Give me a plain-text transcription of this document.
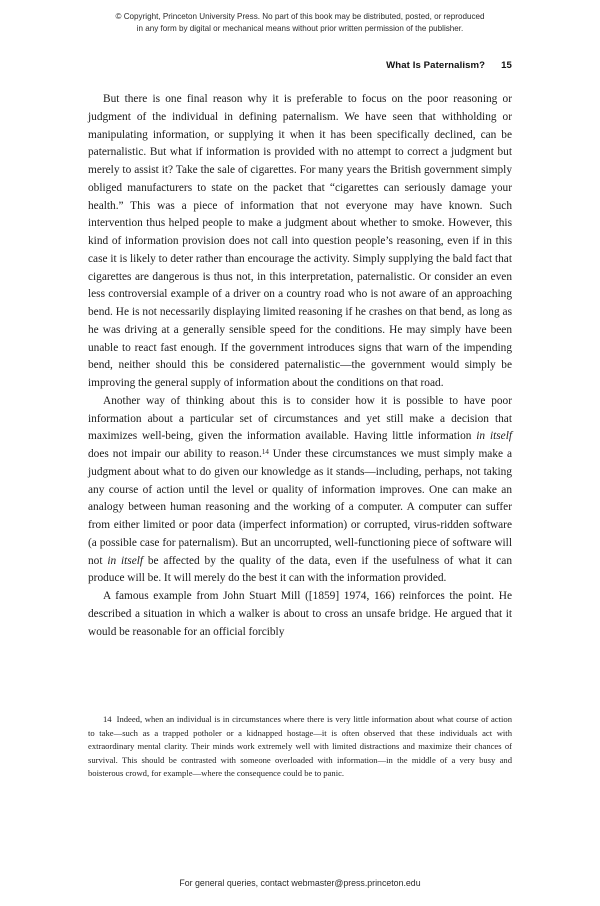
© Copyright, Princeton University Press. No part of this book may be distributed, posted, or reproduced in any form by digital or mechanical means without prior written permission of the publisher.
What Is Paternalism? 15

But there is one final reason why it is preferable to focus on the poor reasoning or judgment of the individual in defining paternalism. We have seen that withholding or manipulating information, or supplying it when it has been specifically declined, can be paternalistic. But what if information is provided with no attempt to correct a judgment but merely to assist it? Take the sale of cigarettes. For many years the British government simply obliged manufacturers to state on the packet that “cigarettes can seriously damage your health.” This was a piece of information that not everyone may have known. Such intervention thus helped people to make a judgment about whether to smoke. However, this kind of information provision does not call into question people’s reasoning, even if in this case it is likely to deter rather than encourage the activity. Simply supplying the bald fact that cigarettes are dangerous is thus not, in this interpretation, paternalistic. Or consider an even less controversial example of a driver on a country road who is not aware of an approaching bend. He is not necessarily displaying limited reasoning if he crashes on that bend, as long as he was driving at a generally sensible speed for the conditions. He may simply have been unable to react fast enough. If the government introduces signs that warn of the impending bend, neither should this be considered paternalistic—the government would simply be improving the general supply of information about the conditions on that road.

Another way of thinking about this is to consider how it is possible to have poor information about a particular set of circumstances and yet still make a decision that maximizes well-being, given the information available. Having little information in itself does not impair our ability to reason.$^{14}$ Under these circumstances we must simply make a judgment about what to do given our knowledge as it stands—including, perhaps, not taking any course of action until the level or quality of information improves. One can make an analogy between human reasoning and the working of a computer. A computer can suffer from either limited or poor data (imperfect information) or corrupted, virus-ridden software (a possible case for paternalism). But an uncorrupted, well-functioning piece of software will not in itself be affected by the quality of the data, even if the usefulness of what it can produce will be. It will merely do the best it can with the information provided.

A famous example from John Stuart Mill ([1859] 1974, 166) reinforces the point. He described a situation in which a walker is about to cross an unsafe bridge. He argued that it would be reasonable for an official forcibly

14 Indeed, when an individual is in circumstances where there is very little information about what course of action to take—such as a trapped potholer or a kidnapped hostage—it is often observed that these individuals act with extraordinary mental clarity. Their minds work extremely well with limited distractions and maximize their chances of survival. This should be contrasted with someone overloaded with information—in the middle of a very busy and boisterous crowd, for example—where the consequence could be to panic.

For general queries, contact webmaster@press.princeton.edu
